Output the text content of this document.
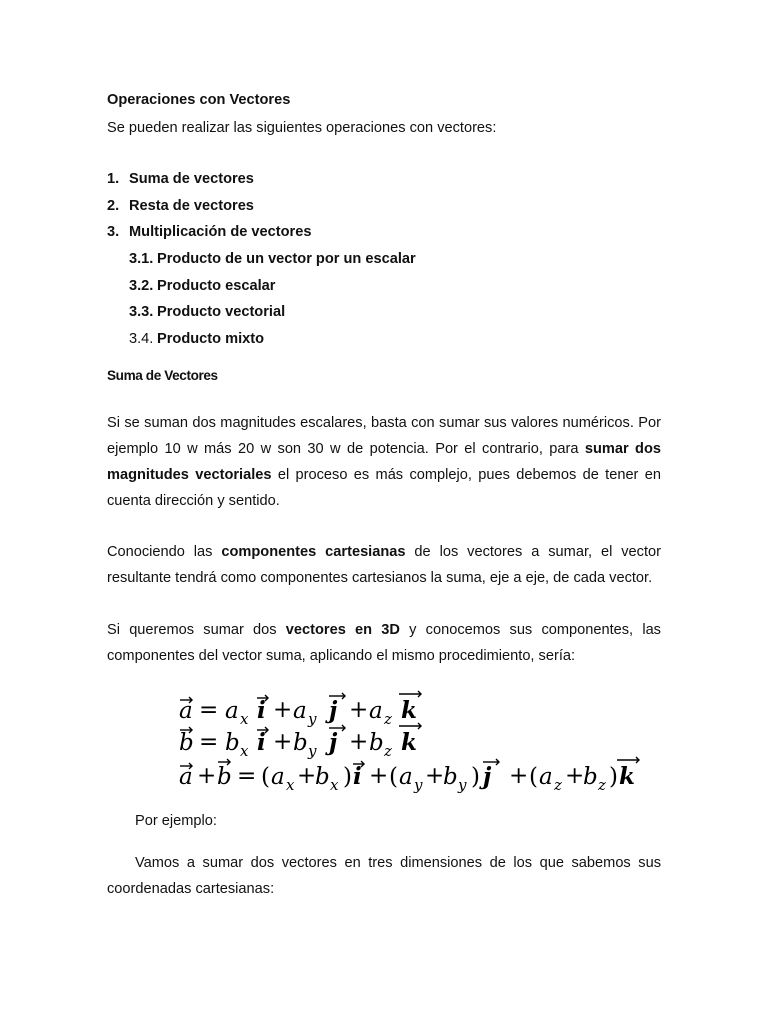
Operaciones con Vectores
Se pueden realizar las siguientes operaciones con vectores:
1. Suma de vectores
2. Resta de vectores
3. Multiplicación de vectores
3.1. Producto de un vector por un escalar
3.2. Producto escalar
3.3. Producto vectorial
3.4. Producto mixto
Suma de Vectores
Si se suman dos magnitudes escalares, basta con sumar sus valores numéricos. Por ejemplo 10 w más 20 w son 30 w de potencia. Por el contrario, para sumar dos magnitudes vectoriales el proceso es más complejo, pues debemos de tener en cuenta dirección y sentido.
Conociendo las componentes cartesianas de los vectores a sumar, el vector resultante tendrá como componentes cartesianos la suma, eje a eje, de cada vector.
Si queremos sumar dos vectores en 3D y conocemos sus componentes, las componentes del vector suma, aplicando el mismo procedimiento, sería:
a = a x i + a y j + a z k
b = b x i + b y j + b z k
a + b = ( a x +
b x ) i + ( a y +
b y ) j + ( a z +
b z ) k
Por ejemplo:
Vamos a sumar dos vectores en tres dimensiones de los que sabemos sus coordenadas cartesianas:
